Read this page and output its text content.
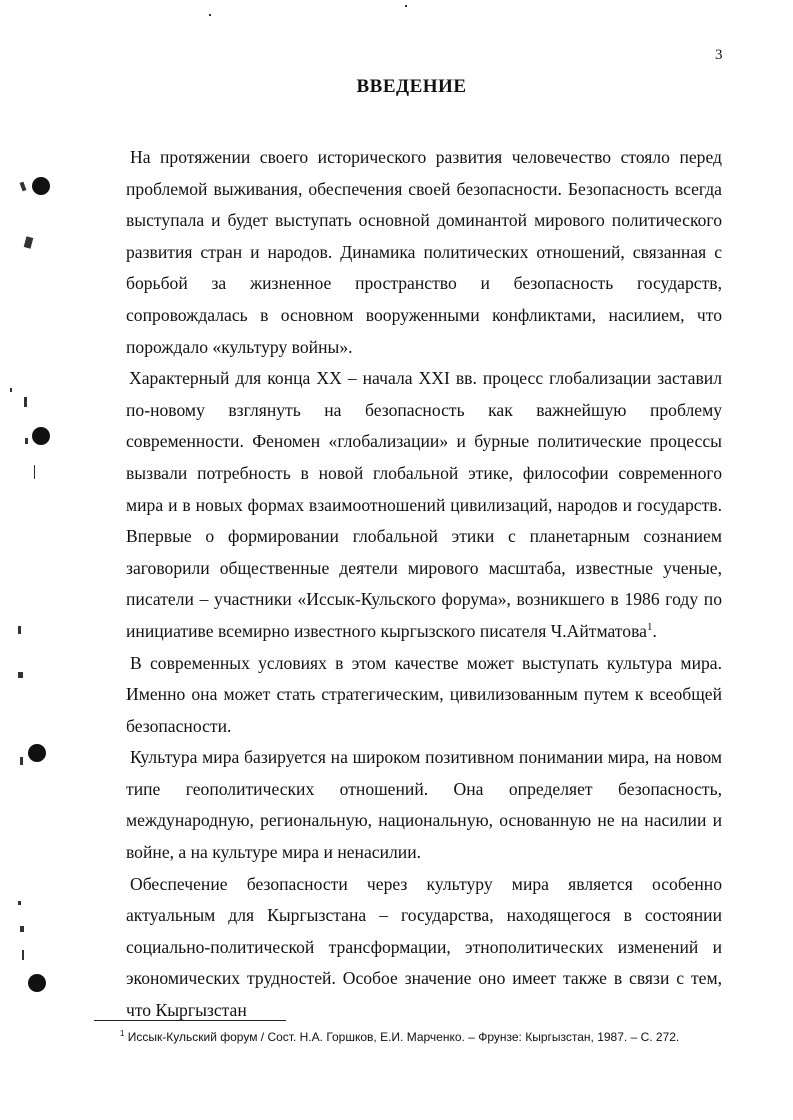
3
ВВЕДЕНИЕ

На протяжении своего исторического развития человечество стояло перед проблемой выживания, обеспечения своей безопасности. Безопасность всегда выступала и будет выступать основной доминантой мирового политического развития стран и народов. Динамика политических отношений, связанная с борьбой за жизненное пространство и безопасность государств, сопровождалась в основном вооруженными конфликтами, насилием, что порождало «культуру войны».

Характерный для конца XX – начала XXI вв. процесс глобализации заставил по-новому взглянуть на безопасность как важнейшую проблему современности. Феномен «глобализации» и бурные политические процессы вызвали потребность в новой глобальной этике, философии современного мира и в новых формах взаимоотношений цивилизаций, народов и государств. Впервые о формировании глобальной этики с планетарным сознанием заговорили общественные деятели мирового масштаба, известные ученые, писатели – участники «Иссык-Кульского форума», возникшего в 1986 году по инициативе всемирно известного кыргызского писателя Ч.Айтматова$^1$.

В современных условиях в этом качестве может выступать культура мира. Именно она может стать стратегическим, цивилизованным путем к всеобщей безопасности.

Культура мира базируется на широком позитивном понимании мира, на новом типе геополитических отношений. Она определяет безопасность, международную, региональную, национальную, основанную не на насилии и войне, а на культуре мира и ненасилии.

Обеспечение безопасности через культуру мира является особенно актуальным для Кыргызстана – государства, находящегося в состоянии социально-политической трансформации, этнополитических изменений и экономических трудностей. Особое значение оно имеет также в связи с тем, что Кыргызстан

$^1$ Иссык-Кульский форум / Сост. Н.А. Горшков, Е.И. Марченко. – Фрунзе: Кыргызстан, 1987. – С. 272.
